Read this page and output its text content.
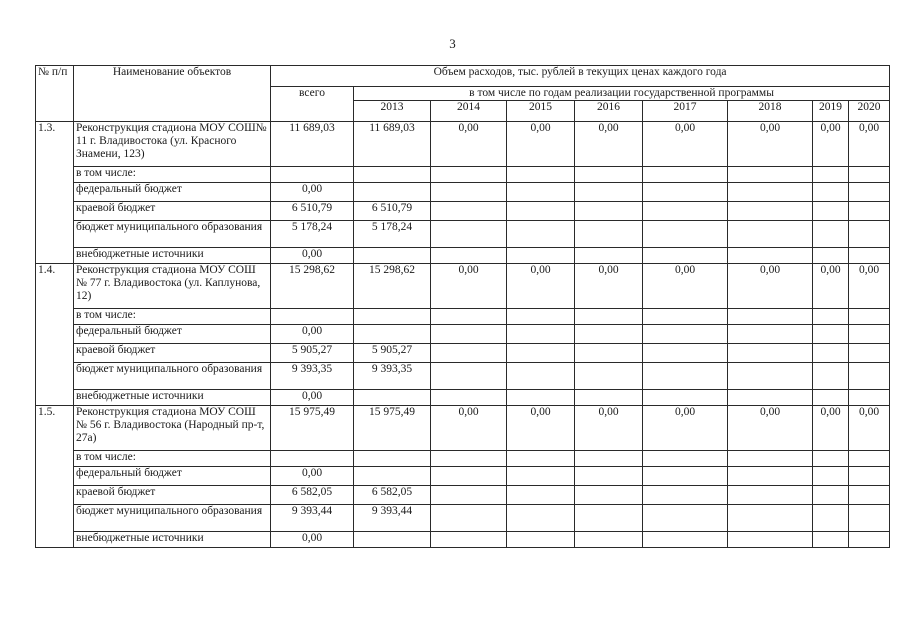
3
№ п/п	Наименование объектов	Объем расходов, тыс. рублей в текущих ценах каждого года								
		всего	в том числе по годам реализации государственной программы							
			2013	2014	2015	2016	2017	2018	2019	2020
1.3.	Реконструкция стадиона МОУ СОШ№ 11 г. Владивостока (ул. Красного Знамени, 123)	11 689,03	11 689,03	0,00	0,00	0,00	0,00	0,00	0,00	0,00
	в том числе:									
	федеральный бюджет	0,00								
	краевой бюджет	6 510,79	6 510,79							
	бюджет муниципального образования	5 178,24	5 178,24							
	внебюджетные источники	0,00								
1.4.	Реконструкция стадиона МОУ СОШ № 77 г. Владивостока (ул. Каплунова, 12)	15 298,62	15 298,62	0,00	0,00	0,00	0,00	0,00	0,00	0,00
	в том числе:									
	федеральный бюджет	0,00								
	краевой бюджет	5 905,27	5 905,27							
	бюджет муниципального образования	9 393,35	9 393,35							
	внебюджетные источники	0,00								
1.5.	Реконструкция стадиона МОУ СОШ № 56 г. Владивостока (Народный пр-т, 27а)	15 975,49	15 975,49	0,00	0,00	0,00	0,00	0,00	0,00	0,00
	в том числе:									
	федеральный бюджет	0,00								
	краевой бюджет	6 582,05	6 582,05							
	бюджет муниципального образования	9 393,44	9 393,44							
	внебюджетные источники	0,00								
